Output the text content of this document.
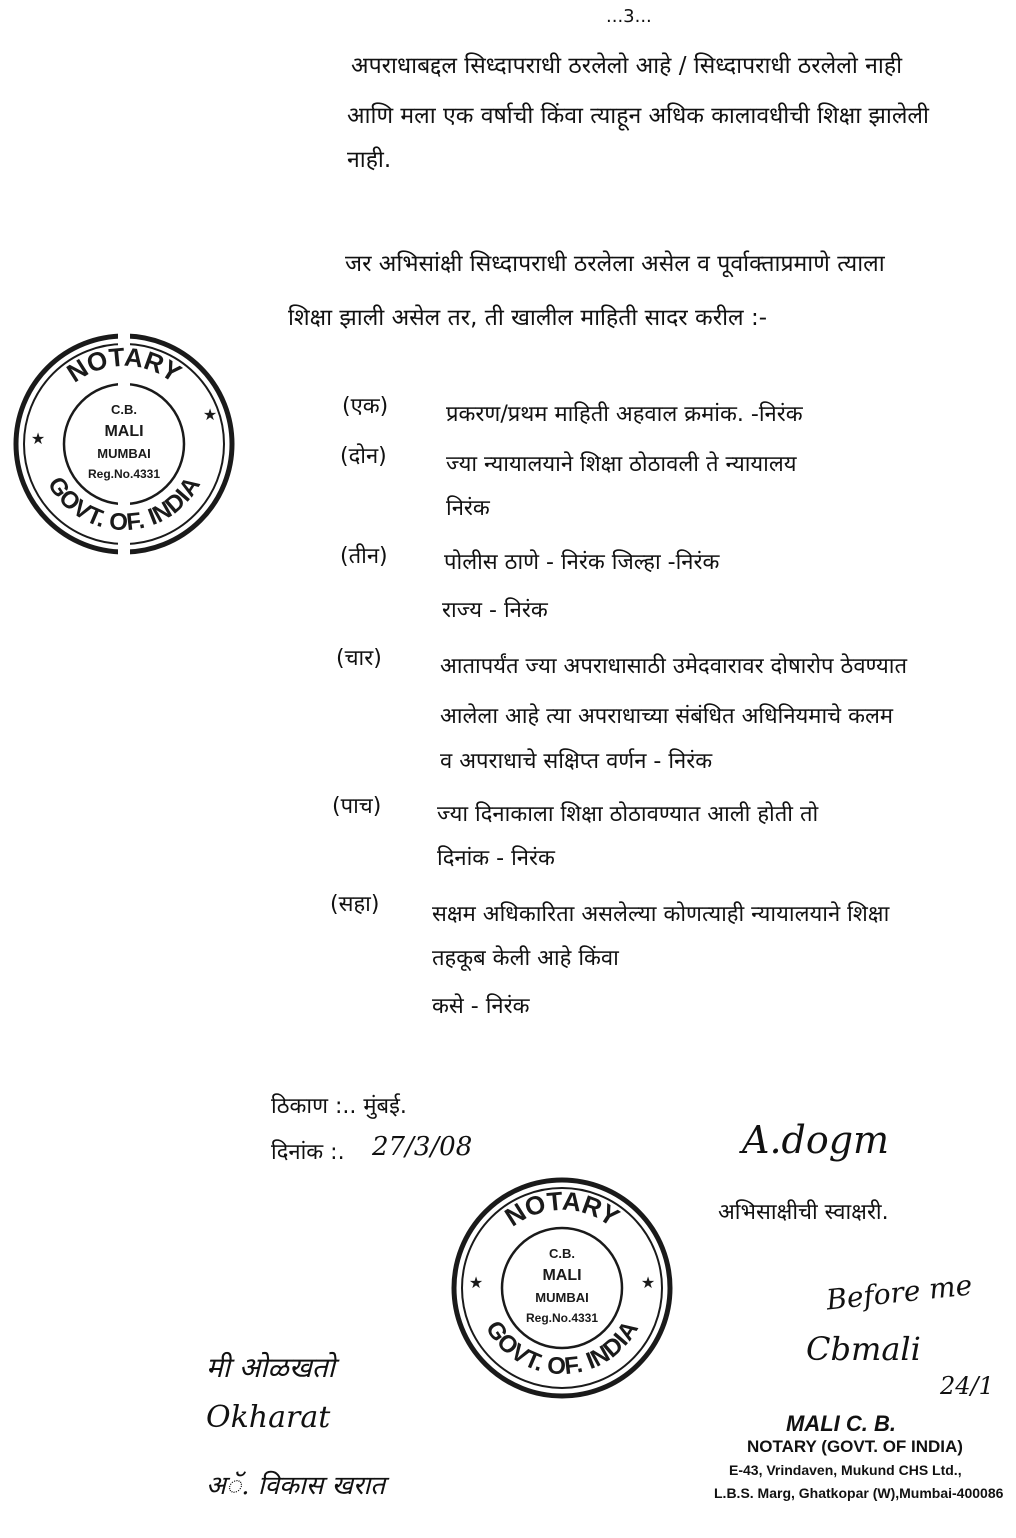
...3...
अपराधाबद्दल सिध्दापराधी ठरलेलो आहे / सिध्दापराधी ठरलेलो नाही
आणि मला एक वर्षाची किंवा त्याहून अधिक कालावधीची शिक्षा झालेली
नाही.
जर अभिसांक्षी सिध्दापराधी ठरलेला असेल व पूर्वाक्ताप्रमाणे त्याला
शिक्षा झाली असेल तर, ती खालील माहिती सादर करील :-
(एक)	प्रकरण/प्रथम माहिती अहवाल क्रमांक. -निरंक
(दोन)	ज्या न्यायालयाने शिक्षा ठोठावली ते न्यायालय
निरंक
(तीन)	पोलीस ठाणे - निरंक जिल्हा -निरंक
राज्य - निरंक
(चार)	आतापर्यंत ज्या अपराधासाठी उमेदवारावर दोषारोप ठेवण्यात
आलेला आहे त्या अपराधाच्या संबंधित अधिनियमाचे कलम
व अपराधाचे सक्षिप्त वर्णन - निरंक
(पाच)	ज्या दिनाकाला शिक्षा ठोठावण्यात आली होती तो
दिनांक - निरंक
(सहा) सक्षम अधिकारिता असलेल्या कोणत्याही न्यायालयाने शिक्षा
तहकूब केली आहे किंवा
कसे - निरंक
ठिकाण :.. मुंबई.
दिनांक :. 27/3/08	A.dogm
अभिसाक्षीची स्वाक्षरी.
Before me
Cbmali
24/1
मी ओळखतो
Okharat
अॅ. विकास खरात
MALI C. B.
NOTARY (GOVT. OF INDIA)
E-43, Vrindaven, Mukund CHS Ltd.,
L.B.S. Marg, Ghatkopar (W),Mumbai-400086
NOTARY
GOVT. OF. INDIA
★
★
C.B.
MALI
MUMBAI
Reg.No.4331
NOTARY
GOVT. OF. INDIA
★	★
C.B.
MALI
MUMBAI
Reg.No.4331
